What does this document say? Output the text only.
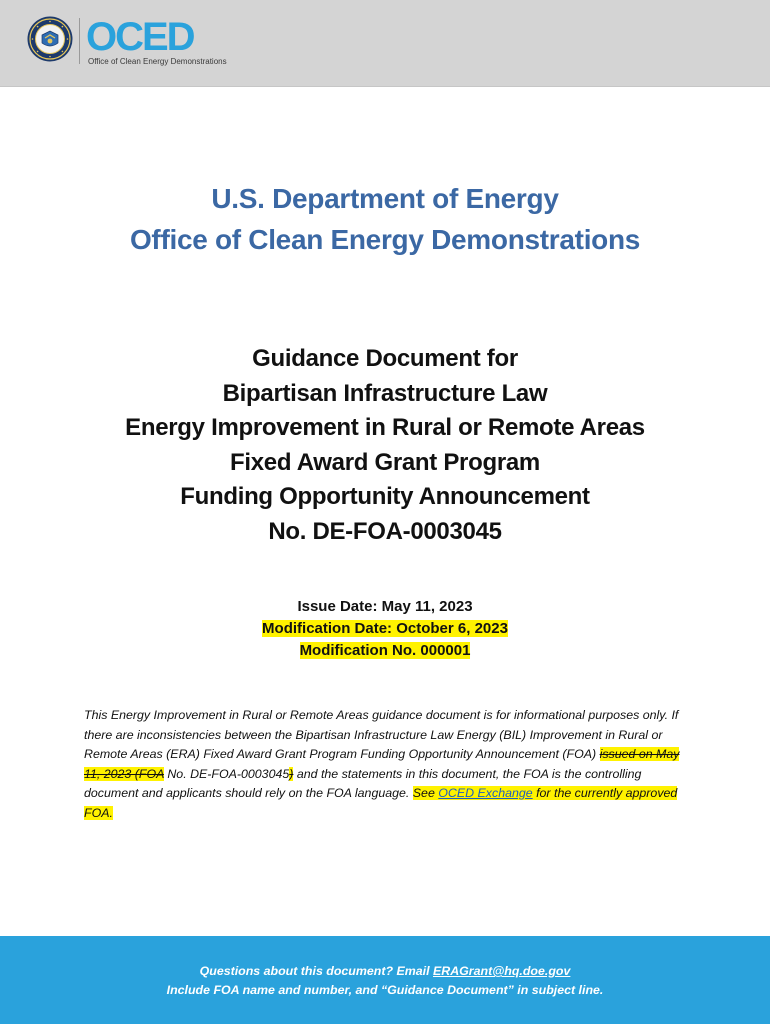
OCED
Office of Clean Energy Demonstrations
U.S. Department of Energy
Office of Clean Energy Demonstrations
Guidance Document for
Bipartisan Infrastructure Law
Energy Improvement in Rural or Remote Areas
Fixed Award Grant Program
Funding Opportunity Announcement
No. DE-FOA-0003045
Issue Date: May 11, 2023
Modification Date: October 6, 2023
Modification No. 000001
This Energy Improvement in Rural or Remote Areas guidance document is for informational purposes only. If there are inconsistencies between the Bipartisan Infrastructure Law Energy (BIL) Improvement in Rural or Remote Areas (ERA) Fixed Award Grant Program Funding Opportunity Announcement (FOA) issued on May 11, 2023 (FOA No. DE-FOA-0003045) and the statements in this document, the FOA is the controlling document and applicants should rely on the FOA language. See OCED Exchange for the currently approved FOA.
Questions about this document? Email ERAGrant@hq.doe.gov
Include FOA name and number, and “Guidance Document” in subject line.
